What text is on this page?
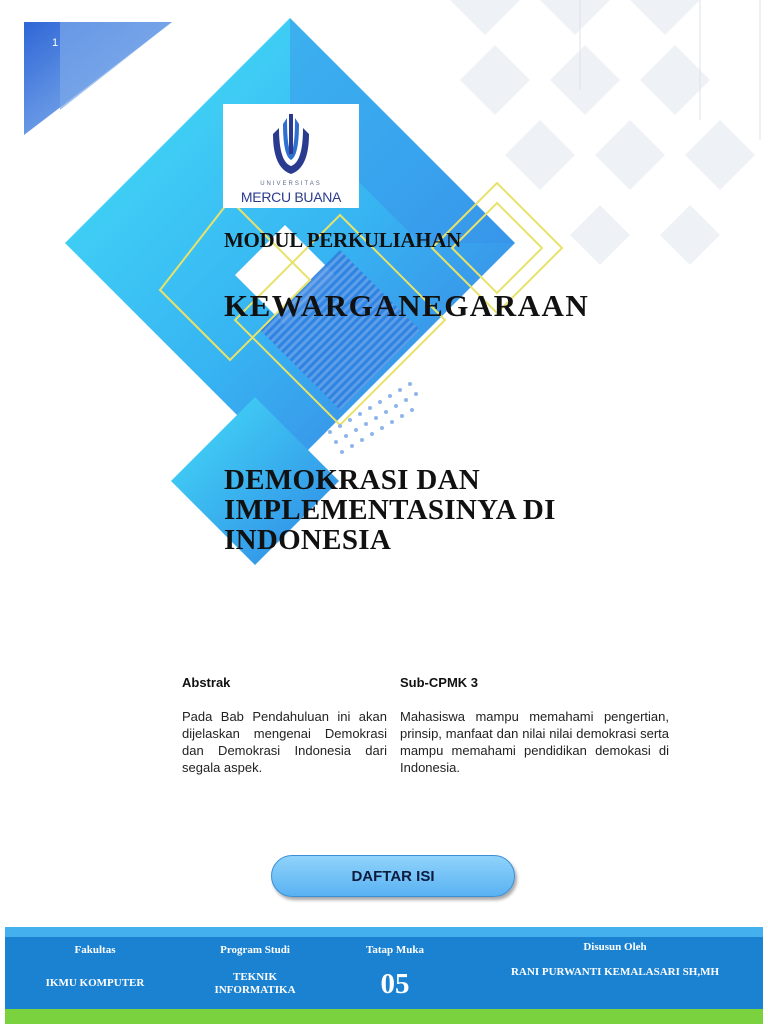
1
UNIVERSITAS
MERCU BUANA
MODUL PERKULIAHAN
KEWARGANEGARAAN
DEMOKRASI DAN
IMPLEMENTASINYA DI
INDONESIA
Abstrak	Sub-CPMK 3
Pada Bab Pendahuluan ini akan dijelaskan mengenai Demokrasi dan Demokrasi Indonesia dari segala aspek.
Mahasiswa mampu memahami pengertian, prinsip, manfaat dan nilai nilai demokrasi serta mampu memahami pendidikan demokasi di Indonesia.
DAFTAR ISI
Fakultas
IKMU KOMPUTER
Program Studi
TEKNIK
INFORMATIKA
Tatap Muka
05
Disusun Oleh
RANI PURWANTI KEMALASARI SH,MH
